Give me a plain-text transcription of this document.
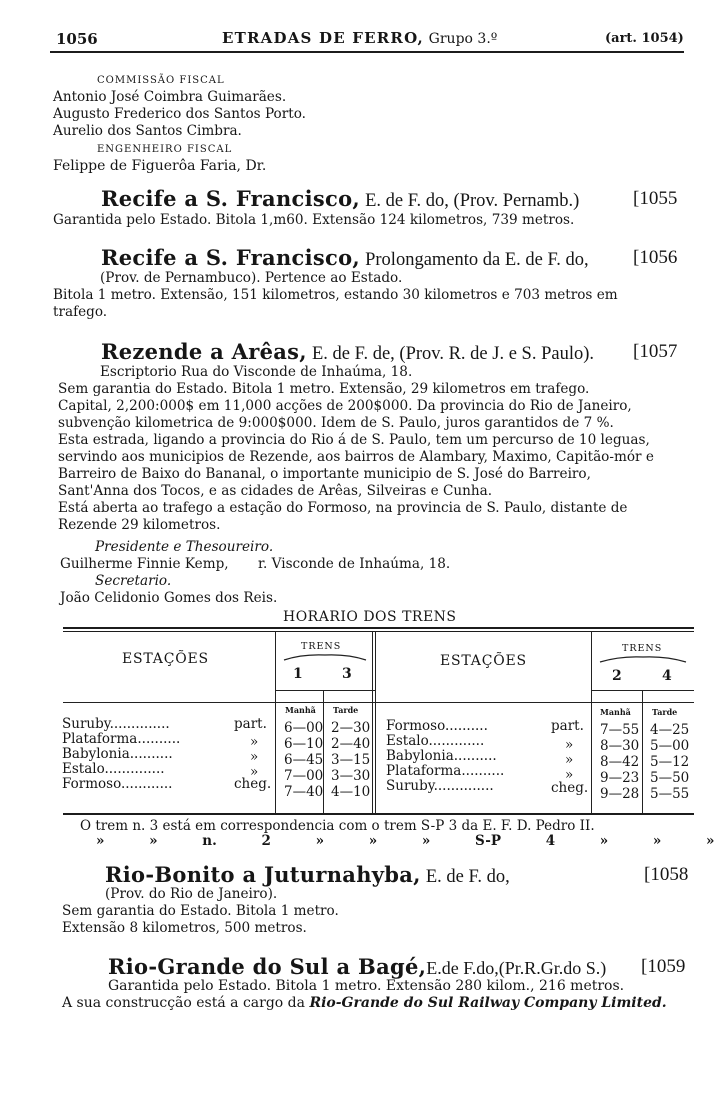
1056	ETRADAS DE FERRO, Grupo 3.º	(art. 1054)
COMMISSÃO FISCAL
Antonio José Coimbra Guimarães.
Augusto Frederico dos Santos Porto.
Aurelio dos Santos Cimbra.
ENGENHEIRO FISCAL
Felippe de Figuerôa Faria, Dr.
Recife a S. Francisco, E. de F. do, (Prov. Pernamb.)	[1055
Garantida pelo Estado. Bitola 1,m60. Extensão 124 kilometros, 739 metros.
Recife a S. Francisco, Prolongamento da E. de F. do, [1056
(Prov. de Pernambuco). Pertence ao Estado.
Bitola 1 metro. Extensão, 151 kilometros, estando 30 kilometros e 703 metros em
trafego.
Rezende a Arêas, E. de F. de, (Prov. R. de J. e S. Paulo). [1057
Escriptorio Rua do Visconde de Inhaúma, 18.
Sem garantia do Estado. Bitola 1 metro. Extensão, 29 kilometros em trafego.
Capital, 2,200:000$ em 11,000 acções de 200$000. Da provincia do Rio de Janeiro,
subvenção kilometrica de 9:000$000. Idem de S. Paulo, juros garantidos de 7 %.
Esta estrada, ligando a provincia do Rio á de S. Paulo, tem um percurso de 10 leguas,
servindo aos municipios de Rezende, aos bairros de Alambary, Maximo, Capitão-mór e
Barreiro de Baixo do Bananal, o importante municipio de S. José do Barreiro,
Sant'Anna dos Tocos, e as cidades de Arêas, Silveiras e Cunha.
Está aberta ao trafego a estação do Formoso, na provincia de S. Paulo, distante de
Rezende 29 kilometros.
Presidente e Thesoureiro.
Guilherme Finnie Kemp, r. Visconde de Inhaúma, 18.
Secretario.
João Celidonio Gomes dos Reis.
HORARIO DOS TRENS
ESTAÇÕES
TRENS
1	3
Manhã Tarde
ESTAÇÕES
TRENS
2	4
Manhã	Tarde
Suruby..............	part. 6—00 2—30
Plataforma..........	» 6—10 2—40
Babylonia..........	» 6—45 3—15
Estalo..............	» 7—00 3—30
Formoso............	cheg. 7—40 4—10
Formoso..........	part. 7—55 4—25
Estalo.............	» 8—30 5—00
Babylonia..........	» 8—42 5—12
Plataforma..........	» 9—23 5—50
Suruby..............	cheg. 9—28 5—55
O trem n. 3 está em correspondencia com o trem S-P 3 da E. F. D. Pedro II.
» » n. 2 » » » S-P 4 » » »
Rio-Bonito a Juturnahyba, E. de F. do,	[1058
(Prov. do Rio de Janeiro).
Sem garantia do Estado. Bitola 1 metro.
Extensão 8 kilometros, 500 metros.
Rio-Grande do Sul a Bagé,E.de F.do,(Pr.R.Gr.do S.) [1059
Garantida pelo Estado. Bitola 1 metro. Extensão 280 kilom., 216 metros.
A sua construcção está a cargo da Rio-Grande do Sul Railway Company Limited.
